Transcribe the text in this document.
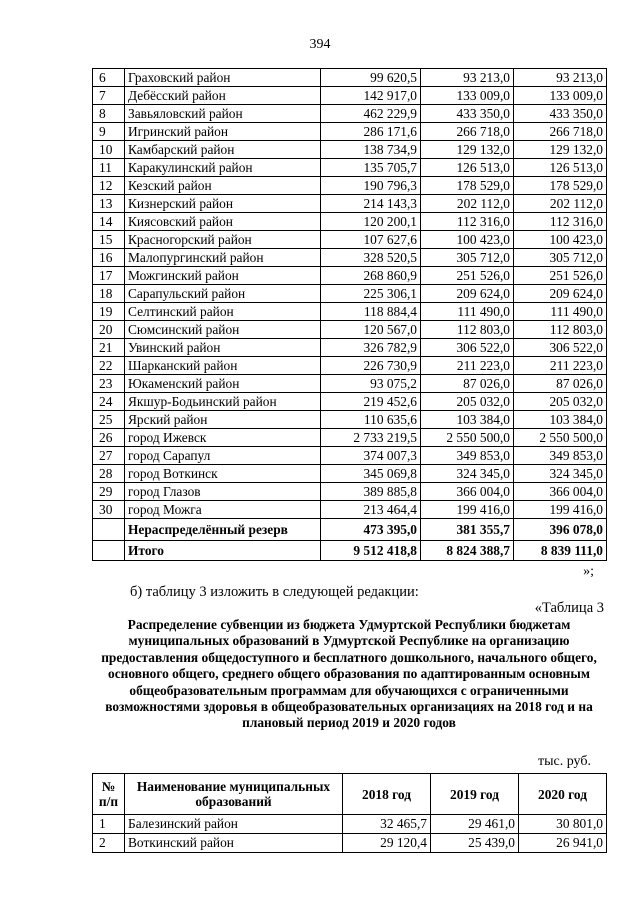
394
6	Граховский район	99 620,5	93 213,0	93 213,0
7	Дебёсский район	142 917,0	133 009,0	133 009,0
8	Завьяловский район	462 229,9	433 350,0	433 350,0
9	Игринский район	286 171,6	266 718,0	266 718,0
10	Камбарский район	138 734,9	129 132,0	129 132,0
11	Каракулинский район	135 705,7	126 513,0	126 513,0
12	Кезский район	190 796,3	178 529,0	178 529,0
13	Кизнерский район	214 143,3	202 112,0	202 112,0
14	Киясовский район	120 200,1	112 316,0	112 316,0
15	Красногорский район	107 627,6	100 423,0	100 423,0
16	Малопургинский район	328 520,5	305 712,0	305 712,0
17	Можгинский район	268 860,9	251 526,0	251 526,0
18	Сарапульский район	225 306,1	209 624,0	209 624,0
19	Селтинский район	118 884,4	111 490,0	111 490,0
20	Сюмсинский район	120 567,0	112 803,0	112 803,0
21	Увинский район	326 782,9	306 522,0	306 522,0
22	Шарканский район	226 730,9	211 223,0	211 223,0
23	Юкаменский район	93 075,2	87 026,0	87 026,0
24	Якшур-Бодьинский район	219 452,6	205 032,0	205 032,0
25	Ярский район	110 635,6	103 384,0	103 384,0
26	город Ижевск	2 733 219,5	2 550 500,0	2 550 500,0
27	город Сарапул	374 007,3	349 853,0	349 853,0
28	город Воткинск	345 069,8	324 345,0	324 345,0
29	город Глазов	389 885,8	366 004,0	366 004,0
30	город Можга	213 464,4	199 416,0	199 416,0
	Нераспределённый резерв	473 395,0	381 355,7	396 078,0
	Итого	9 512 418,8	8 824 388,7	8 839 111,0
»;
б) таблицу 3 изложить в следующей редакции:
«Таблица 3
Распределение субвенции из бюджета Удмуртской Республики бюджетам муниципальных образований в Удмуртской Республике на организацию предоставления общедоступного и бесплатного дошкольного, начального общего, основного общего, среднего общего образования по адаптированным основным общеобразовательным программам для обучающихся с ограниченными возможностями здоровья в общеобразовательных организациях на 2018 год и на плановый период 2019 и 2020 годов
тыс. руб.
№ п/п	Наименование муниципальных образований	2018 год	2019 год	2020 год
1	Балезинский район	32 465,7	29 461,0	30 801,0
2	Воткинский район	29 120,4	25 439,0	26 941,0
